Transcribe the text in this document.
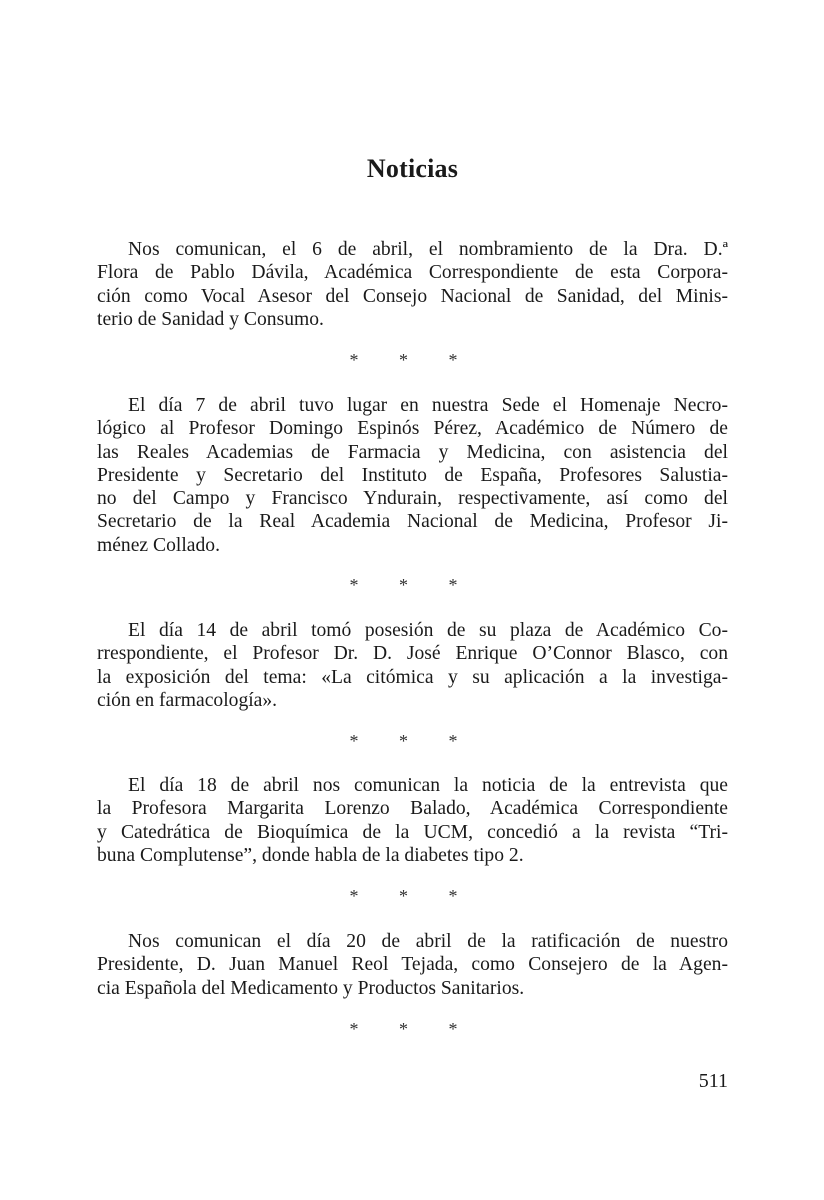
Noticias
Nos comunican, el 6 de abril, el nombramiento de la Dra. D.ª
Flora de Pablo Dávila, Académica Correspondiente de esta Corpora-
ción como Vocal Asesor del Consejo Nacional de Sanidad, del Minis-
terio de Sanidad y Consumo.
* * *
El día 7 de abril tuvo lugar en nuestra Sede el Homenaje Necro-
lógico al Profesor Domingo Espinós Pérez, Académico de Número de
las Reales Academias de Farmacia y Medicina, con asistencia del
Presidente y Secretario del Instituto de España, Profesores Salustia-
no del Campo y Francisco Yndurain, respectivamente, así como del
Secretario de la Real Academia Nacional de Medicina, Profesor Ji-
ménez Collado.
* * *
El día 14 de abril tomó posesión de su plaza de Académico Co-
rrespondiente, el Profesor Dr. D. José Enrique O’Connor Blasco, con
la exposición del tema: «La citómica y su aplicación a la investiga-
ción en farmacología».
* * *
El día 18 de abril nos comunican la noticia de la entrevista que
la Profesora Margarita Lorenzo Balado, Académica Correspondiente
y Catedrática de Bioquímica de la UCM, concedió a la revista “Tri-
buna Complutense”, donde habla de la diabetes tipo 2.
* * *
Nos comunican el día 20 de abril de la ratificación de nuestro
Presidente, D. Juan Manuel Reol Tejada, como Consejero de la Agen-
cia Española del Medicamento y Productos Sanitarios.
* * *
511
